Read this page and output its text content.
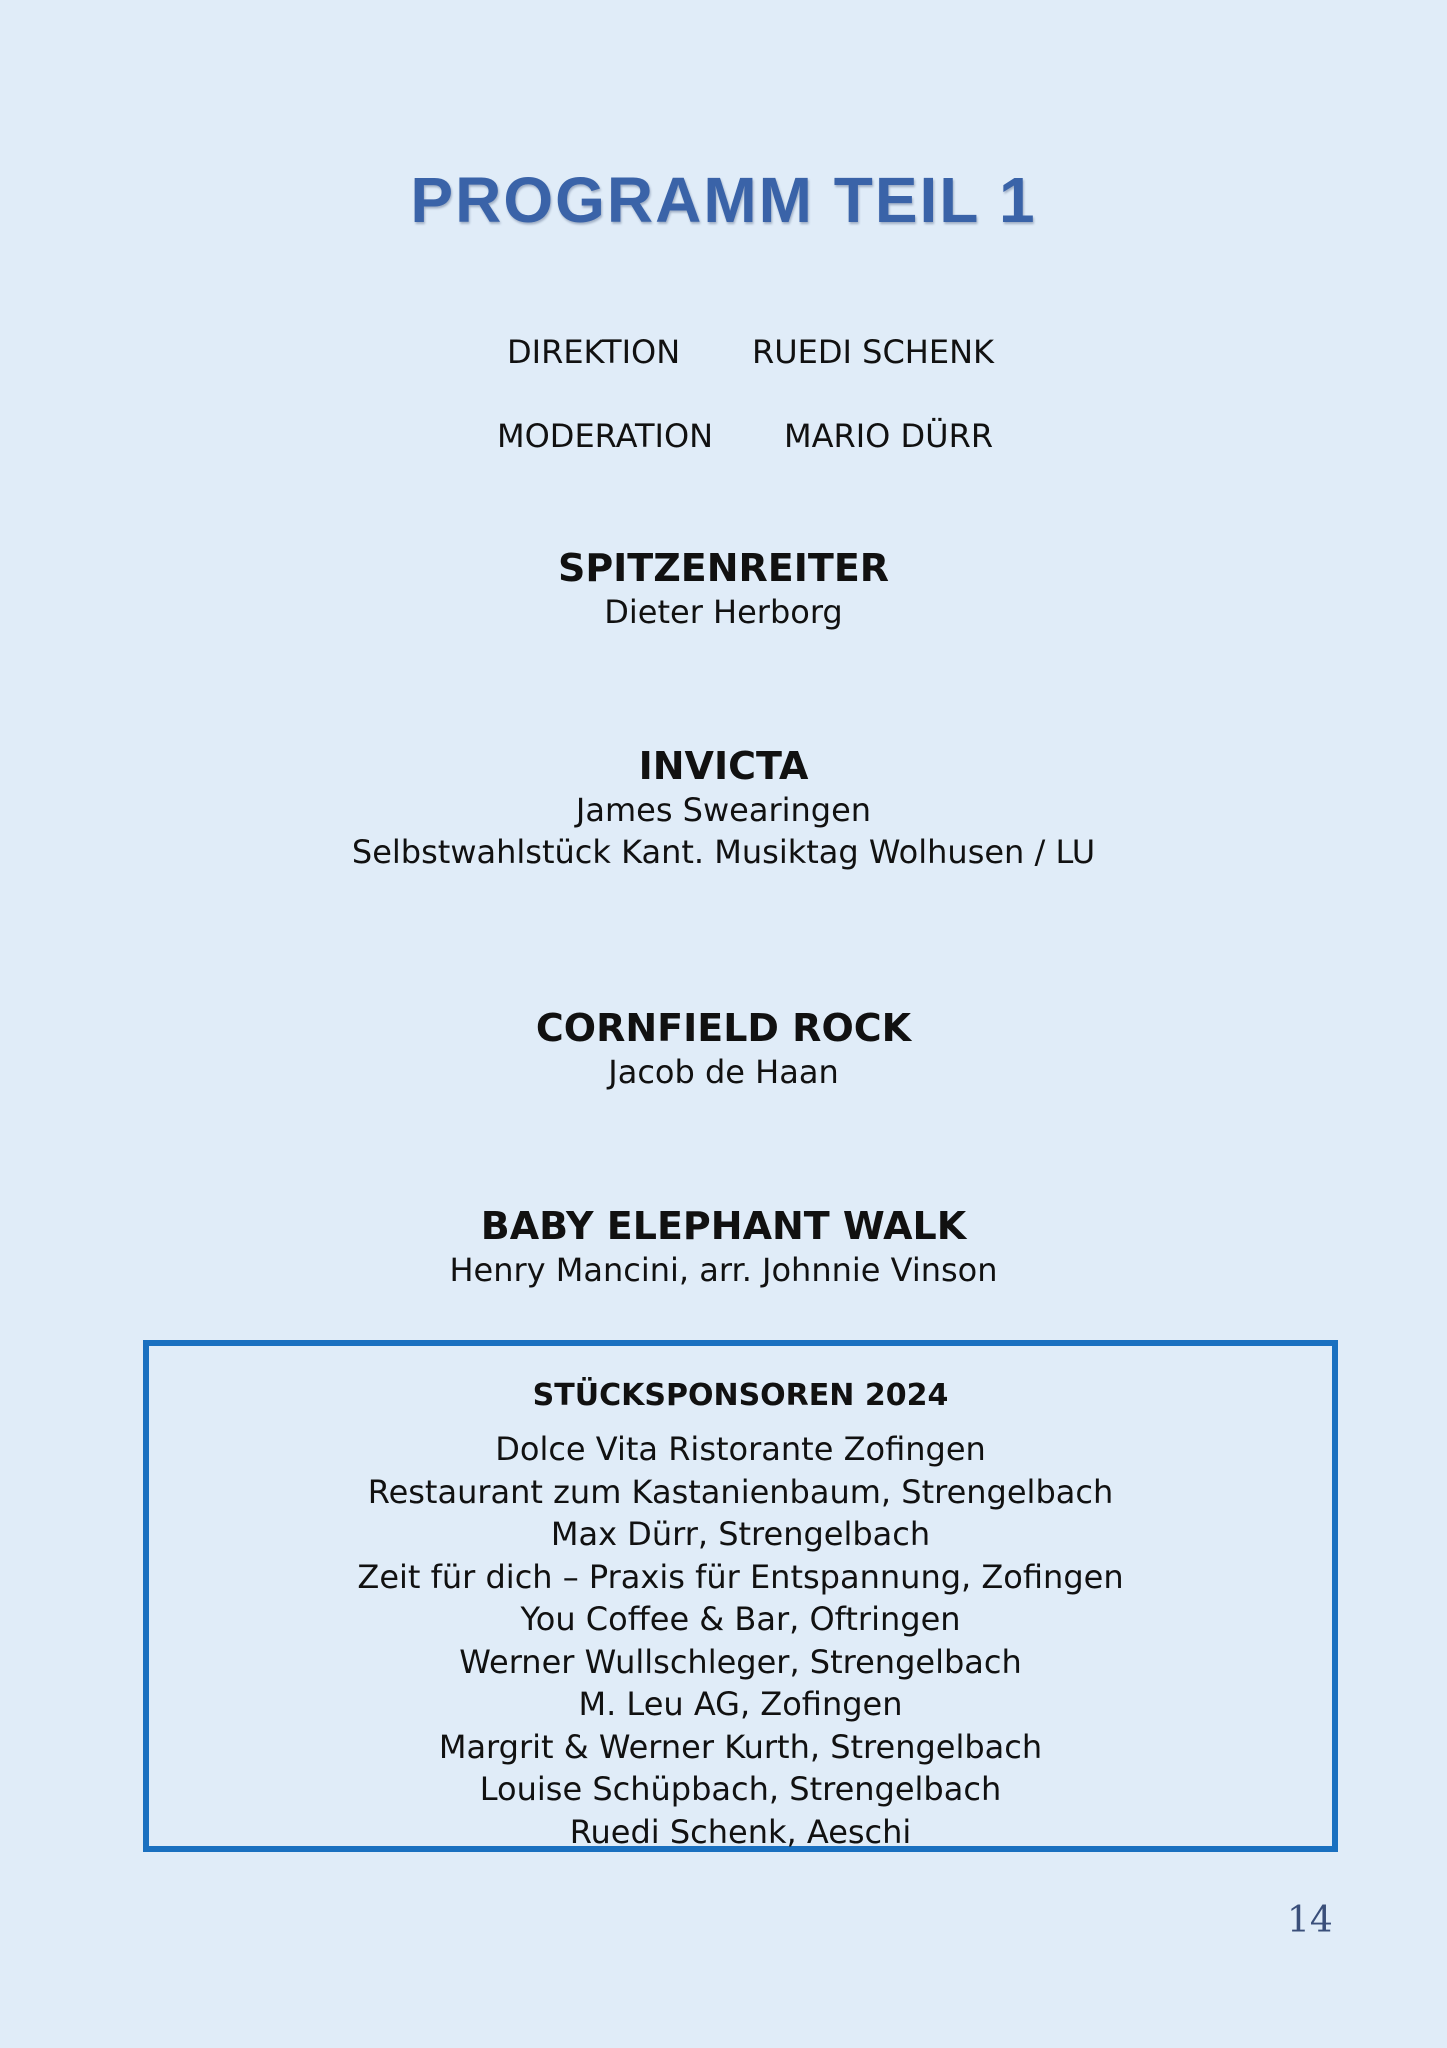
PROGRAMM TEIL 1
DIREKTION RUEDI SCHENK
MODERATION MARIO DÜRR
SPITZENREITER
Dieter Herborg
INVICTA
James Swearingen
Selbstwahlstück Kant. Musiktag Wolhusen / LU
CORNFIELD ROCK
Jacob de Haan
BABY ELEPHANT WALK
Henry Mancini, arr. Johnnie Vinson
STÜCKSPONSOREN 2024
Dolce Vita Ristorante Zofingen
Restaurant zum Kastanienbaum, Strengelbach
Max Dürr, Strengelbach
Zeit für dich – Praxis für Entspannung, Zofingen
You Coffee & Bar, Oftringen
Werner Wullschleger, Strengelbach
M. Leu AG, Zofingen
Margrit & Werner Kurth, Strengelbach
Louise Schüpbach, Strengelbach
Ruedi Schenk, Aeschi
14
